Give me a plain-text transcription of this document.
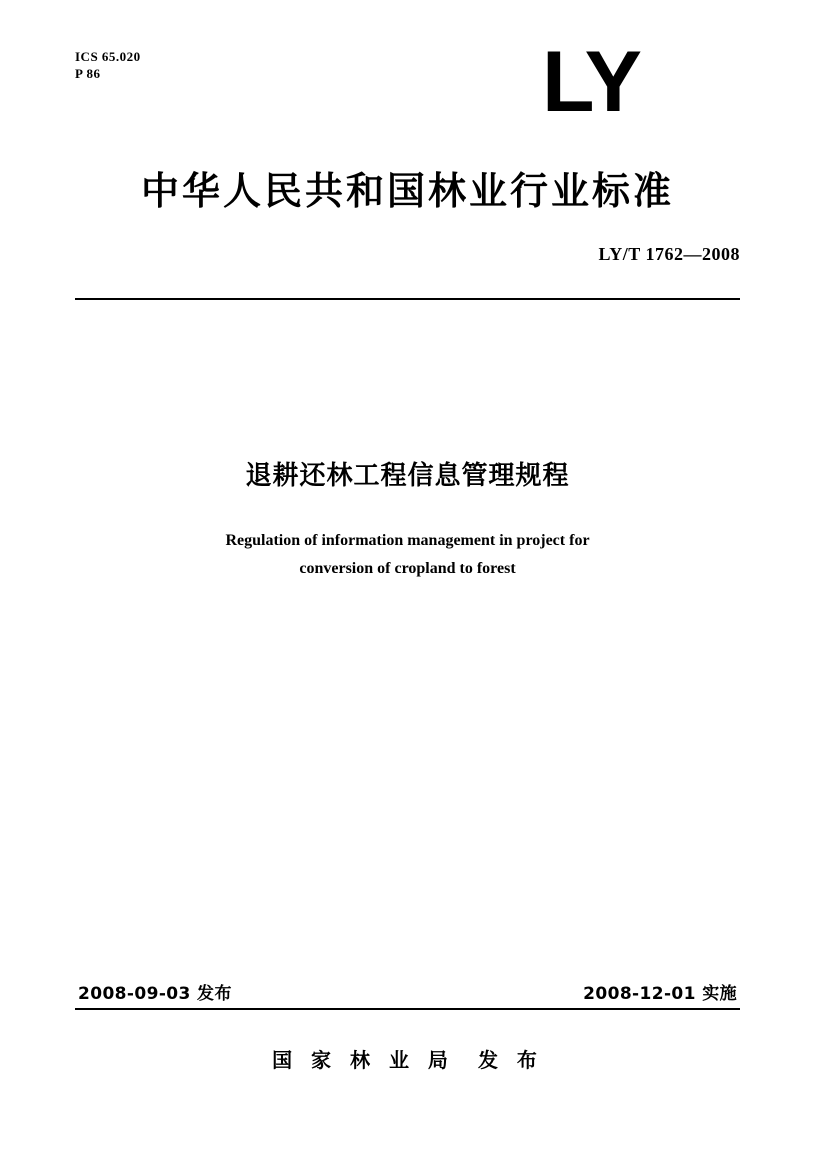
ICS 65.020
P 86	LY
中华人民共和国林业行业标准
LY/T 1762—2008
退耕还林工程信息管理规程
Regulation of information management in project for
conversion of cropland to forest
2008-09-03 发布	2008-12-01 实施
国 家 林 业 局 发 布
